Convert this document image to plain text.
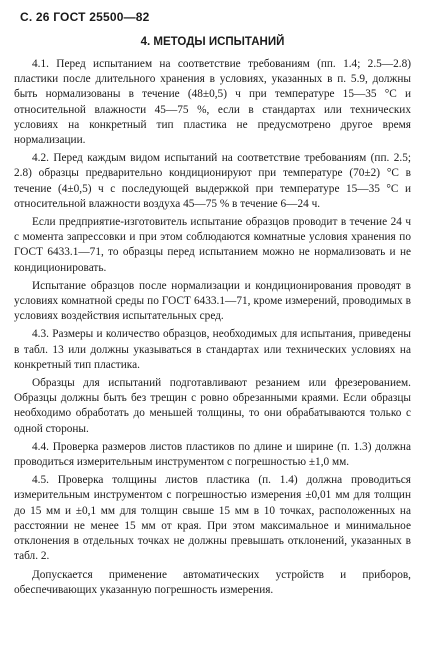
С. 26 ГОСТ 25500—82
4. МЕТОДЫ ИСПЫТАНИЙ

4.1. Перед испытанием на соответствие требованиям (пп. 1.4; 2.5—2.8) пластики после длительного хранения в условиях, указанных в п. 5.9, должны быть нормализованы в течение (48±0,5) ч при температуре 15—35 °С и относительной влажности 45—75 %, если в стандартах или технических условиях на конкретный тип пластика не предусмотрено другое время нормализации.

4.2. Перед каждым видом испытаний на соответствие требованиям (пп. 2.5; 2.8) образцы предварительно кондиционируют при температуре (70±2) °С в течение (4±0,5) ч с последующей выдержкой при температуре 15—35 °С и относительной влажности воздуха 45—75 % в течение 6—24 ч.

Если предприятие-изготовитель испытание образцов проводит в течение 24 ч с момента запрессовки и при этом соблюдаются комнатные условия хранения по ГОСТ 6433.1—71, то образцы перед испытанием можно не нормализовать и не кондиционировать.

Испытание образцов после нормализации и кондиционирования проводят в условиях комнатной среды по ГОСТ 6433.1—71, кроме измерений, проводимых в условиях воздействия испытательных сред.

4.3. Размеры и количество образцов, необходимых для испытания, приведены в табл. 13 или должны указываться в стандартах или технических условиях на конкретный тип пластика.

Образцы для испытаний подготавливают резанием или фрезерованием. Образцы должны быть без трещин с ровно обрезанными краями. Если образцы необходимо обработать до меньшей толщины, то они обрабатываются только с одной стороны.

4.4. Проверка размеров листов пластиков по длине и ширине (п. 1.3) должна проводиться измерительным инструментом с погрешностью ±1,0 мм.

4.5. Проверка толщины листов пластика (п. 1.4) должна проводиться измерительным инструментом с погрешностью измерения ±0,01 мм для толщин до 15 мм и ±0,1 мм для толщин свыше 15 мм в 10 точках, расположенных на расстоянии не менее 15 мм от края. При этом максимальное и минимальное отклонения в отдельных точках не должны превышать отклонений, указанных в табл. 2.

Допускается применение автоматических устройств и приборов, обеспечивающих указанную погрешность измерения.
